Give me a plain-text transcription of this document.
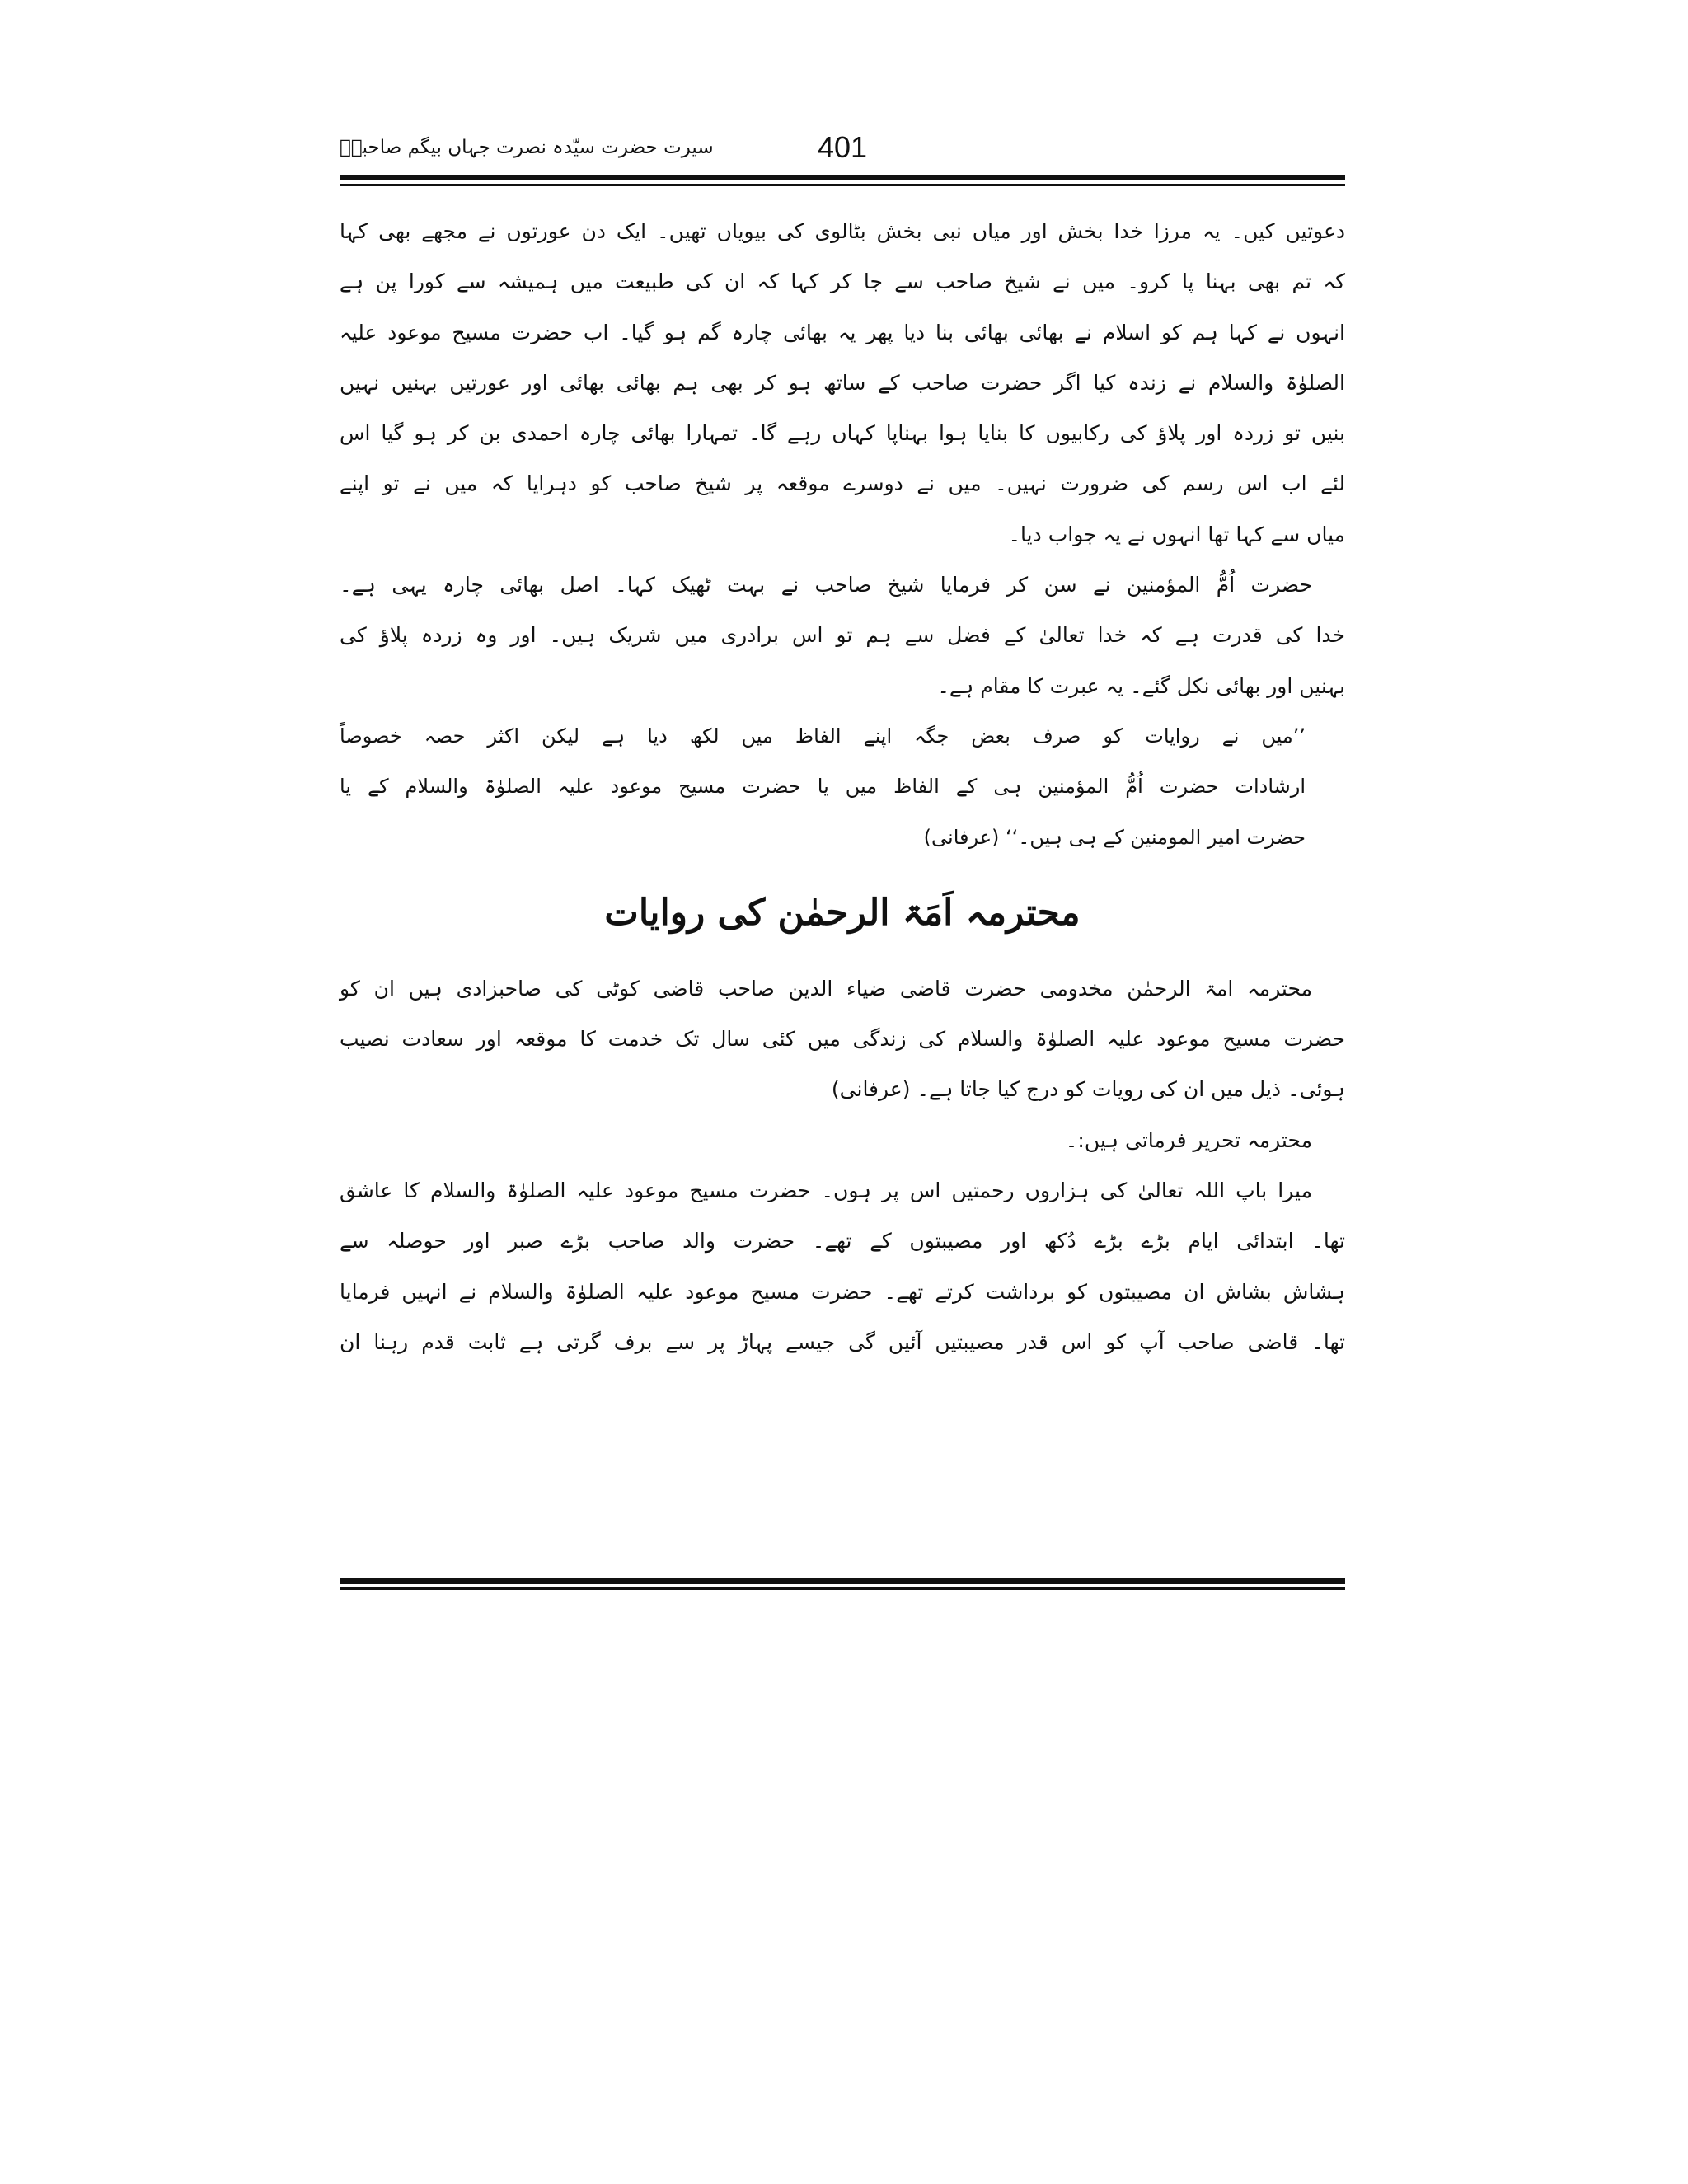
401
سیرت حضرت سیّدہ نصرت جہاں بیگم صاحبہؓ
دعوتیں کیں۔ یہ مرزا خدا بخش اور میاں نبی بخش بٹالوی کی بیویاں تھیں۔ ایک دن عورتوں نے مجھے بھی کہا
کہ تم بھی بہنا پا کرو۔ میں نے شیخ صاحب سے جا کر کہا کہ ان کی طبیعت میں ہمیشہ سے کورا پن ہے
انہوں نے کہا ہم کو اسلام نے بھائی بھائی بنا دیا پھر یہ بھائی چارہ گم ہو گیا۔ اب حضرت مسیح موعود علیہ
الصلوٰۃ والسلام نے زندہ کیا اگر حضرت صاحب کے ساتھ ہو کر بھی ہم بھائی بھائی اور عورتیں بہنیں نہیں
بنیں تو زردہ اور پلاؤ کی رکابیوں کا بنایا ہوا بہناپا کہاں رہے گا۔ تمہارا بھائی چارہ احمدی بن کر ہو گیا اس
لئے اب اس رسم کی ضرورت نہیں۔ میں نے دوسرے موقعہ پر شیخ صاحب کو دہرایا کہ میں نے تو اپنے
میاں سے کہا تھا انہوں نے یہ جواب دیا۔
حضرت اُمُّ المؤمنین نے سن کر فرمایا شیخ صاحب نے بہت ٹھیک کہا۔ اصل بھائی چارہ یہی ہے۔
خدا کی قدرت ہے کہ خدا تعالیٰ کے فضل سے ہم تو اس برادری میں شریک ہیں۔ اور وہ زردہ پلاؤ کی
بہنیں اور بھائی نکل گئے۔ یہ عبرت کا مقام ہے۔
’’میں نے روایات کو صرف بعض جگہ اپنے الفاظ میں لکھ دیا ہے لیکن اکثر حصہ خصوصاً
ارشادات حضرت اُمُّ المؤمنین ہی کے الفاظ میں یا حضرت مسیح موعود علیہ الصلوٰۃ والسلام کے یا
حضرت امیر المومنین کے ہی ہیں۔‘‘ (عرفانی)
محترمہ اَمَۃ الرحمٰن کی روایات
محترمہ امۃ الرحمٰن مخدومی حضرت قاضی ضیاء الدین صاحب قاضی کوٹی کی صاحبزادی ہیں ان کو
حضرت مسیح موعود علیہ الصلوٰۃ والسلام کی زندگی میں کئی سال تک خدمت کا موقعہ اور سعادت نصیب
ہوئی۔ ذیل میں ان کی رویات کو درج کیا جاتا ہے۔ (عرفانی)
محترمہ تحریر فرماتی ہیں:۔
میرا باپ اللہ تعالیٰ کی ہزاروں رحمتیں اس پر ہوں۔ حضرت مسیح موعود علیہ الصلوٰۃ والسلام کا عاشق
تھا۔ ابتدائی ایام بڑے بڑے دُکھ اور مصیبتوں کے تھے۔ حضرت والد صاحب بڑے صبر اور حوصلہ سے
ہشاش بشاش ان مصیبتوں کو برداشت کرتے تھے۔ حضرت مسیح موعود علیہ الصلوٰۃ والسلام نے انہیں فرمایا
تھا۔ قاضی صاحب آپ کو اس قدر مصیبتیں آئیں گی جیسے پہاڑ پر سے برف گرتی ہے ثابت قدم رہنا ان
